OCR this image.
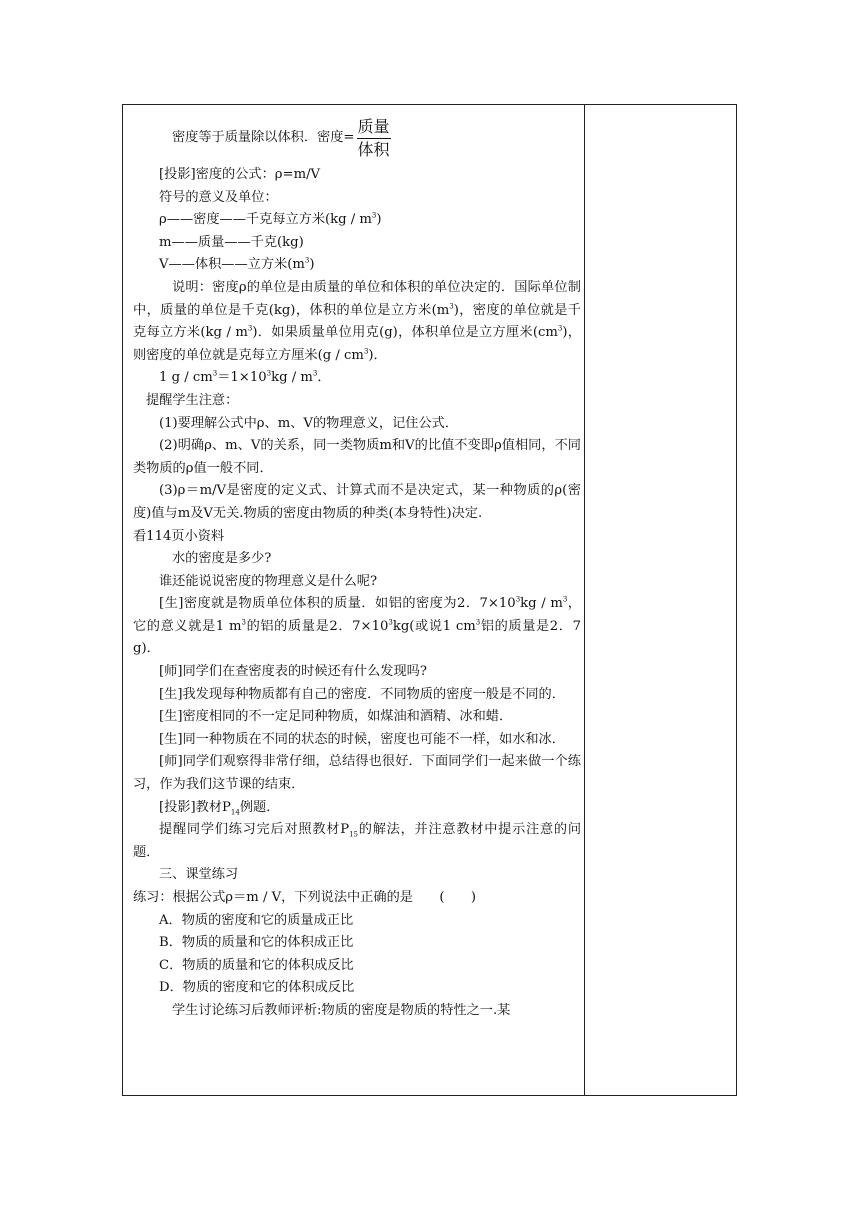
密度等于质量除以体积．密度= $\frac{\text{质量}}{\text{体积}}$

[投影]密度的公式：ρ=m/V

符号的意义及单位：

ρ——密度——千克每立方米$(kg / m^3)$

m——质量——千克(kg)

V——体积——立方米$(m^3)$

说明：密度ρ的单位是由质量的单位和体积的单位决定的．国际单位制中，质量的单位是千克(kg)，体积的单位是立方米$(m^3)$，密度的单位就是千克每立方米$(kg / m^3)$．如果质量单位用克(g)，体积单位是立方厘米$(cm^3)$，则密度的单位就是克每立方厘米$(g / cm^3)$．

1 $g / cm^3=1\times 10^3kg / m^3$．

提醒学生注意：

(1)要理解公式中ρ、m、V的物理意义，记住公式．

(2)明确ρ、m、V的关系，同一类物质m和V的比值不变即ρ值相同，不同类物质的ρ值一般不同．

(3)ρ＝m/V是密度的定义式、计算式而不是决定式，某一种物质的ρ(密度)值与m及V无关.物质的密度由物质的种类(本身特性)决定.

看114页小资料

水的密度是多少?

谁还能说说密度的物理意义是什么呢?

[生]密度就是物质单位体积的质量．如铝的密度为2．$7\times 10^3kg / m^3$，它的意义就是1 $m^3$的铝的质量是2．$7\times 10^3kg$(或说1 $cm^3$铝的质量是2．7 g)．

[师]同学们在查密度表的时候还有什么发现吗?

[生]我发现每种物质都有自己的密度．不同物质的密度一般是不同的．

[生]密度相同的不一定足同种物质，如煤油和酒精、冰和蜡．

[生]同一种物质在不同的状态的时候，密度也可能不一样，如水和冰．

[师]同学们观察得非常仔细，总结得也很好．下面同学们一起来做一个练习，作为我们这节课的结束．

[投影]教材$P_{14}$例题．

提醒同学们练习完后对照教材$P_{15}$的解法，并注意教材中提示注意的问题．

三、课堂练习

练习：根据公式ρ＝m / V，下列说法中正确的是　　(　　)

A．物质的密度和它的质量成正比

B．物质的质量和它的体积成正比

C．物质的质量和它的体积成反比

D．物质的密度和它的体积成反比

学生讨论练习后教师评析:物质的密度是物质的特性之一.某
